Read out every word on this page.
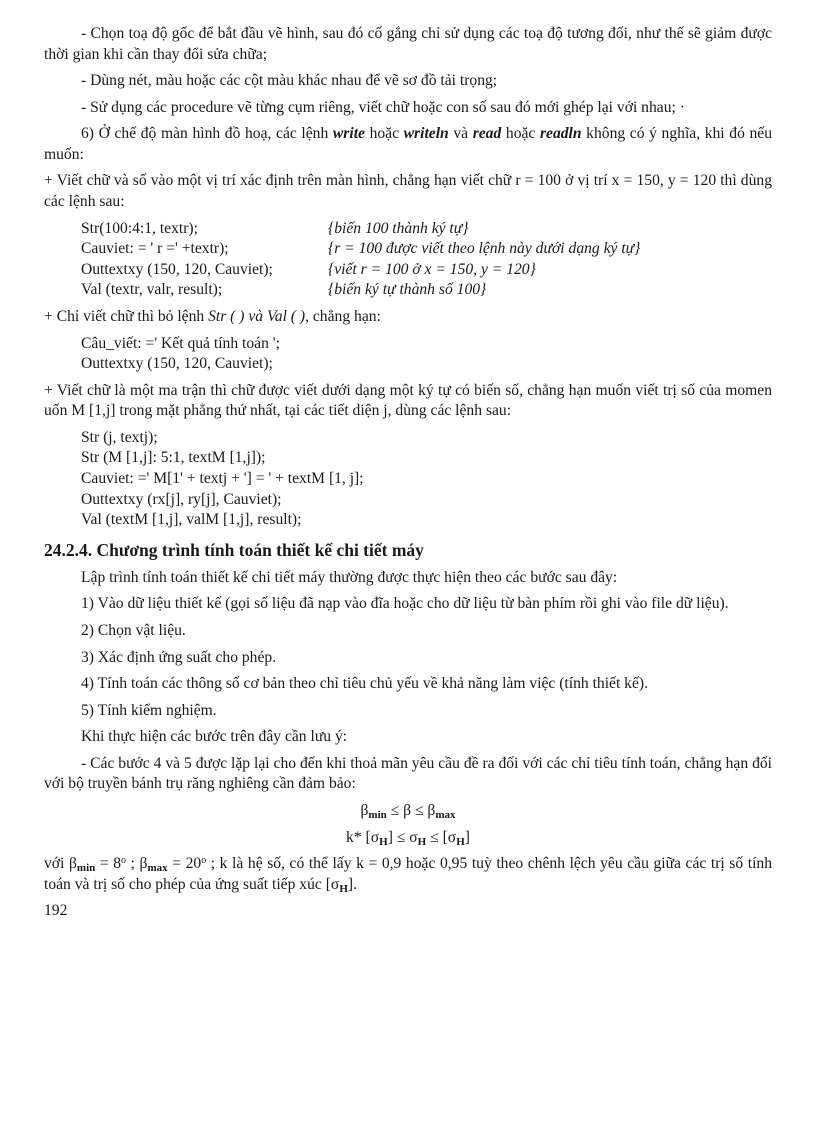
- Chọn toạ độ gốc để bắt đầu vẽ hình, sau đó cố gắng chỉ sử dụng các toạ độ tương đối, như thế sẽ giảm được thời gian khi cần thay đổi sửa chữa;

- Dùng nét, màu hoặc các cột màu khác nhau để vẽ sơ đồ tải trọng;

- Sử dụng các procedure vẽ từng cụm riêng, viết chữ hoặc con số sau đó mới ghép lại với nhau; ·

6) Ở chế độ màn hình đồ hoạ, các lệnh write hoặc writeln và read hoặc readln không có ý nghĩa, khi đó nếu muốn:

+ Viết chữ và số vào một vị trí xác định trên màn hình, chẳng hạn viết chữ r = 100 ở vị trí x = 150, y = 120 thì dùng các lệnh sau:

Str(100:4:1, textr);	{biến 100 thành ký tự}
Cauviet: = ' r =' +textr);	{r = 100 được viết theo lệnh này dưới dạng ký tự}
Outtextxy (150, 120, Cauviet);	{viết r = 100 ở x = 150, y = 120}
Val (textr, valr, result);	{biến ký tự thành số 100}

+ Chỉ viết chữ thì bỏ lệnh Str ( ) và Val ( ), chẳng hạn:

Câu_viết: =' Kết quả tính toán ';
Outtextxy (150, 120, Cauviet);

+ Viết chữ là một ma trận thì chữ được viết dưới dạng một ký tự có biến số, chẳng hạn muốn viết trị số của momen uốn M [1,j] trong mặt phẳng thứ nhất, tại các tiết diện j, dùng các lệnh sau:

Str (j, textj);
Str (M [1,j]: 5:1, textM [1,j]);
Cauviet: =' M[1' + textj + '] = ' + textM [1, j];
Outtextxy (rx[j], ry[j], Cauviet);
Val (textM [1,j], valM [1,j], result);
24.2.4. Chương trình tính toán thiết kế chi tiết máy

Lập trình tính toán thiết kế chi tiết máy thường được thực hiện theo các bước sau đây:

1) Vào dữ liệu thiết kế (gọi số liệu đã nạp vào đĩa hoặc cho dữ liệu từ bàn phím rồi ghi vào file dữ liệu).

2) Chọn vật liệu.

3) Xác định ứng suất cho phép.

4) Tính toán các thông số cơ bản theo chỉ tiêu chủ yếu về khả năng làm việc (tính thiết kế).

5) Tính kiểm nghiệm.

Khi thực hiện các bước trên đây cần lưu ý:

- Các bước 4 và 5 được lặp lại cho đến khi thoả mãn yêu cầu đề ra đối với các chỉ tiêu tính toán, chẳng hạn đối với bộ truyền bánh trụ răng nghiêng cần đảm bảo:

$\beta_{min} \le \beta \le \beta_{max}$
k* $[\sigma_H] \le \sigma_H \le [\sigma_H]$

với $\beta_{min} = 8^o$ ; $\beta_{max} = 20^o$ ; k là hệ số, có thể lấy k = 0,9 hoặc 0,95 tuỳ theo chênh lệch yêu cầu giữa các trị số tính toán và trị số cho phép của ứng suất tiếp xúc $[\sigma_H]$.

192
